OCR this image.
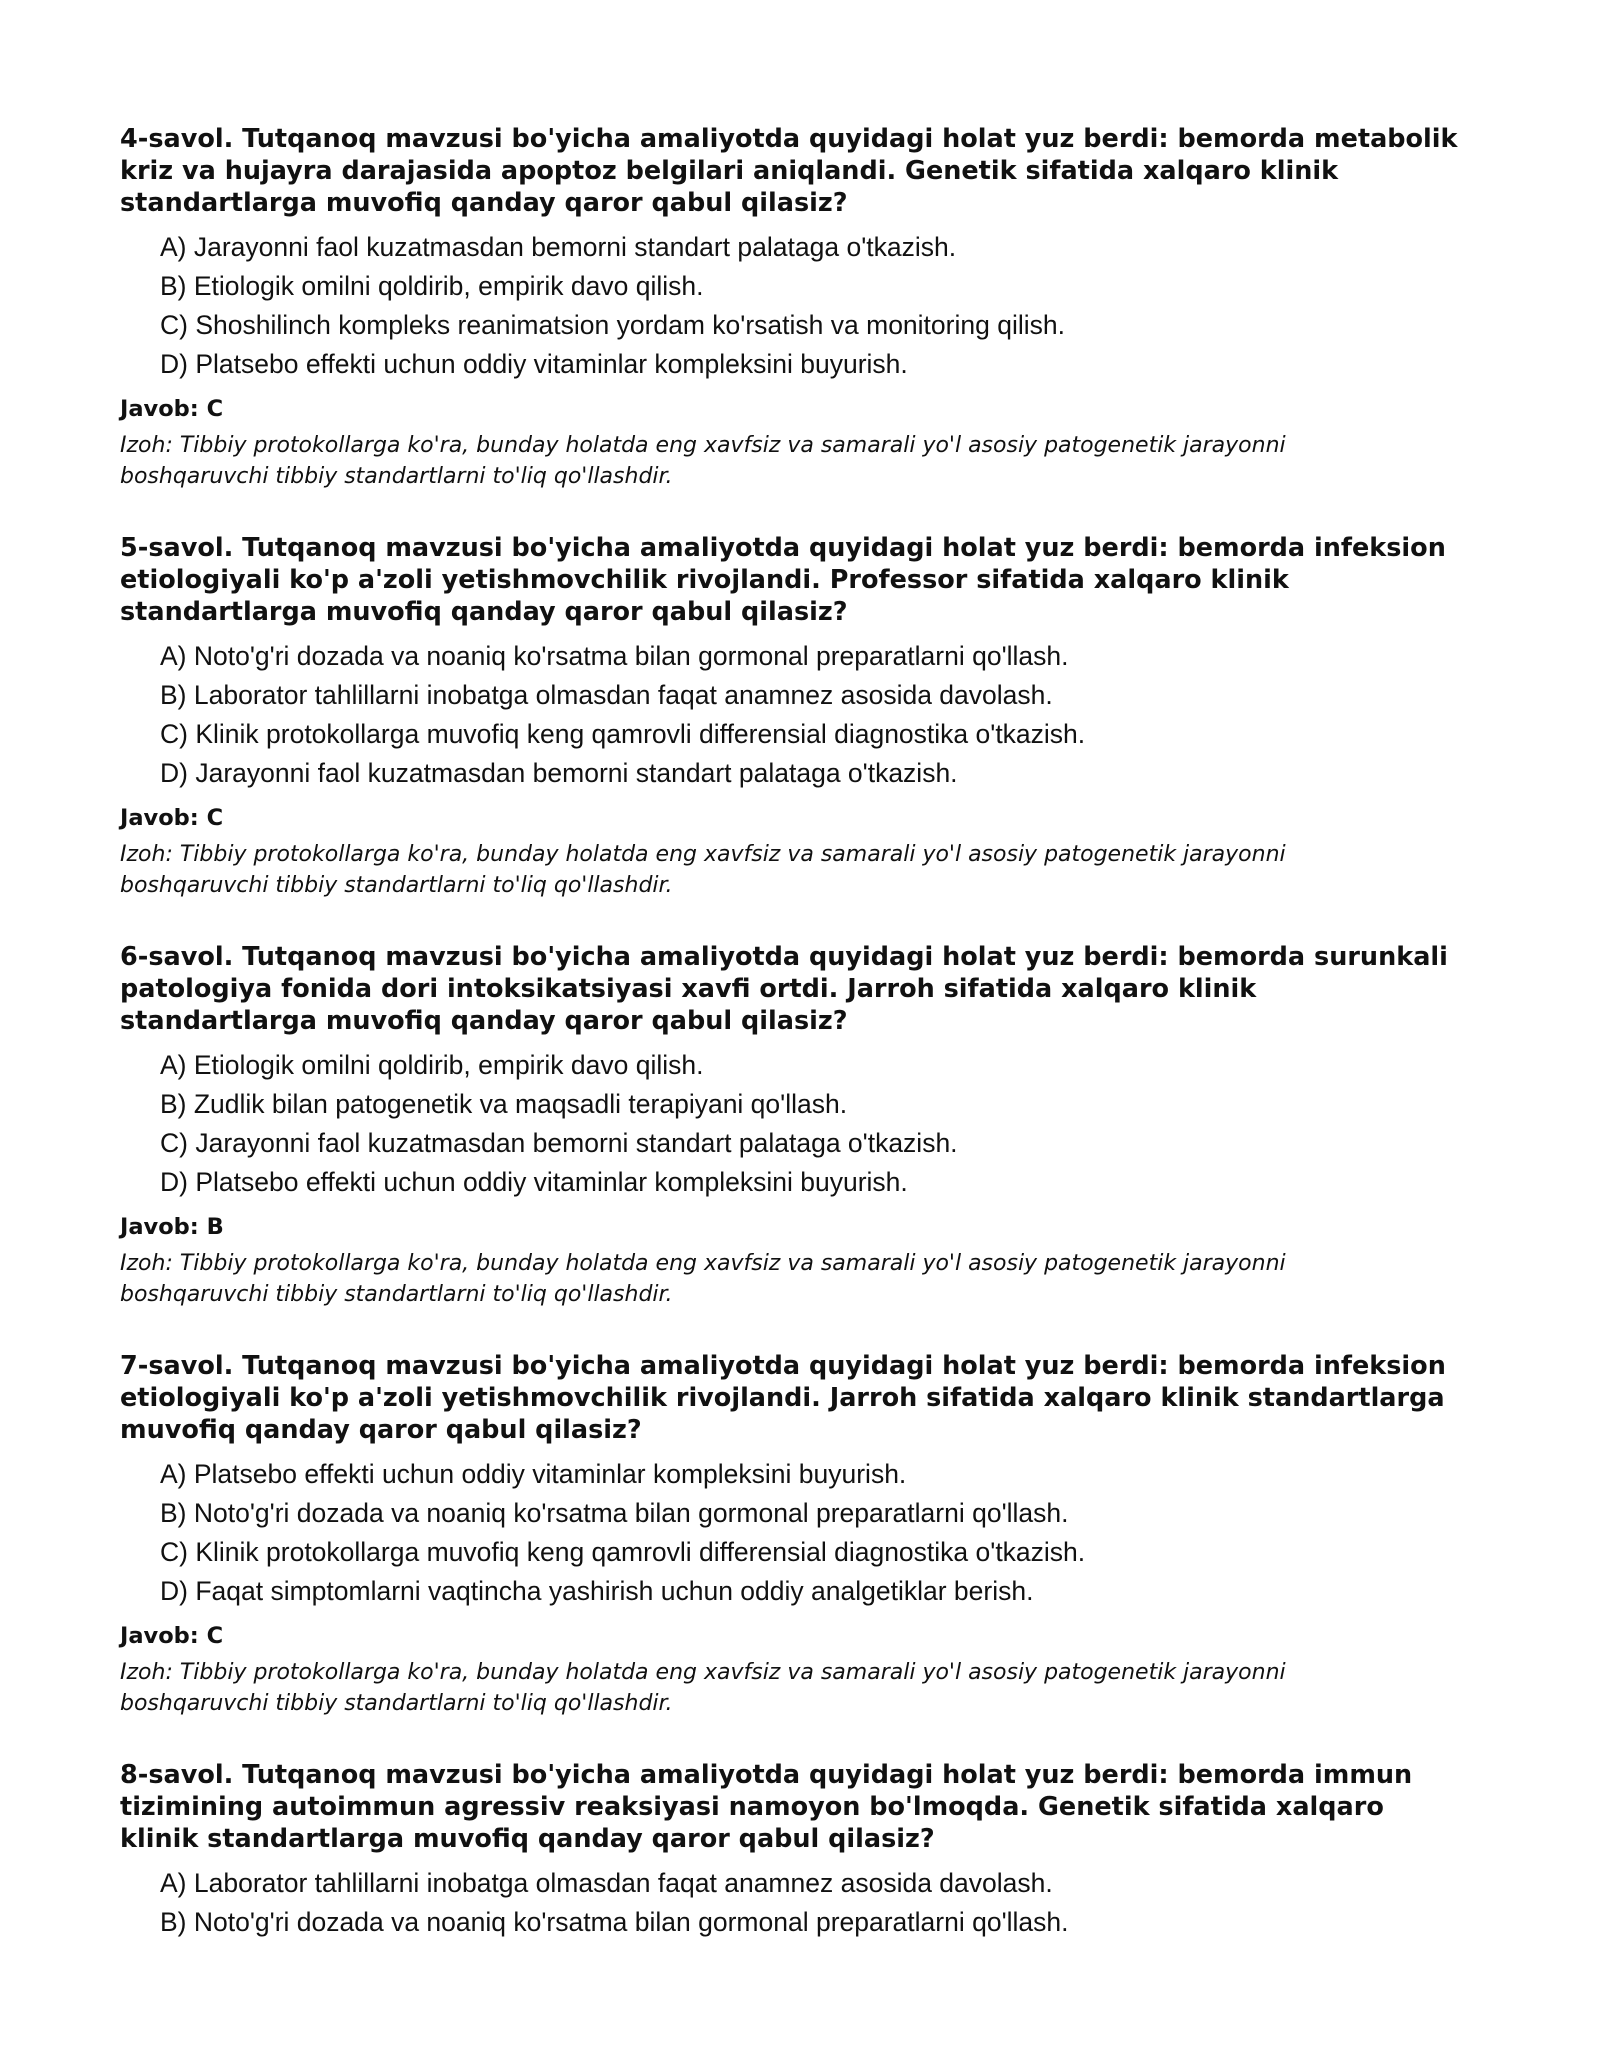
4-savol. Tutqanoq mavzusi bo'yicha amaliyotda quyidagi holat yuz berdi: bemorda metabolik kriz va hujayra darajasida apoptoz belgilari aniqlandi. Genetik sifatida xalqaro klinik standartlarga muvofiq qanday qaror qabul qilasiz?

A) Jarayonni faol kuzatmasdan bemorni standart palataga o'tkazish.
B) Etiologik omilni qoldirib, empirik davo qilish.
C) Shoshilinch kompleks reanimatsion yordam ko'rsatish va monitoring qilish.
D) Platsebo effekti uchun oddiy vitaminlar kompleksini buyurish.

Javob: C

Izoh: Tibbiy protokollarga ko'ra, bunday holatda eng xavfsiz va samarali yo'l asosiy patogenetik jarayonni boshqaruvchi tibbiy standartlarni to'liq qo'llashdir.

5-savol. Tutqanoq mavzusi bo'yicha amaliyotda quyidagi holat yuz berdi: bemorda infeksion etiologiyali ko'p a'zoli yetishmovchilik rivojlandi. Professor sifatida xalqaro klinik standartlarga muvofiq qanday qaror qabul qilasiz?

A) Noto'g'ri dozada va noaniq ko'rsatma bilan gormonal preparatlarni qo'llash.
B) Laborator tahlillarni inobatga olmasdan faqat anamnez asosida davolash.
C) Klinik protokollarga muvofiq keng qamrovli differensial diagnostika o'tkazish.
D) Jarayonni faol kuzatmasdan bemorni standart palataga o'tkazish.

Javob: C

Izoh: Tibbiy protokollarga ko'ra, bunday holatda eng xavfsiz va samarali yo'l asosiy patogenetik jarayonni boshqaruvchi tibbiy standartlarni to'liq qo'llashdir.

6-savol. Tutqanoq mavzusi bo'yicha amaliyotda quyidagi holat yuz berdi: bemorda surunkali patologiya fonida dori intoksikatsiyasi xavfi ortdi. Jarroh sifatida xalqaro klinik standartlarga muvofiq qanday qaror qabul qilasiz?

A) Etiologik omilni qoldirib, empirik davo qilish.
B) Zudlik bilan patogenetik va maqsadli terapiyani qo'llash.
C) Jarayonni faol kuzatmasdan bemorni standart palataga o'tkazish.
D) Platsebo effekti uchun oddiy vitaminlar kompleksini buyurish.

Javob: B

Izoh: Tibbiy protokollarga ko'ra, bunday holatda eng xavfsiz va samarali yo'l asosiy patogenetik jarayonni boshqaruvchi tibbiy standartlarni to'liq qo'llashdir.

7-savol. Tutqanoq mavzusi bo'yicha amaliyotda quyidagi holat yuz berdi: bemorda infeksion etiologiyali ko'p a'zoli yetishmovchilik rivojlandi. Jarroh sifatida xalqaro klinik standartlarga muvofiq qanday qaror qabul qilasiz?

A) Platsebo effekti uchun oddiy vitaminlar kompleksini buyurish.
B) Noto'g'ri dozada va noaniq ko'rsatma bilan gormonal preparatlarni qo'llash.
C) Klinik protokollarga muvofiq keng qamrovli differensial diagnostika o'tkazish.
D) Faqat simptomlarni vaqtincha yashirish uchun oddiy analgetiklar berish.

Javob: C

Izoh: Tibbiy protokollarga ko'ra, bunday holatda eng xavfsiz va samarali yo'l asosiy patogenetik jarayonni boshqaruvchi tibbiy standartlarni to'liq qo'llashdir.

8-savol. Tutqanoq mavzusi bo'yicha amaliyotda quyidagi holat yuz berdi: bemorda immun tizimining autoimmun agressiv reaksiyasi namoyon bo'lmoqda. Genetik sifatida xalqaro klinik standartlarga muvofiq qanday qaror qabul qilasiz?

A) Laborator tahlillarni inobatga olmasdan faqat anamnez asosida davolash.
B) Noto'g'ri dozada va noaniq ko'rsatma bilan gormonal preparatlarni qo'llash.
